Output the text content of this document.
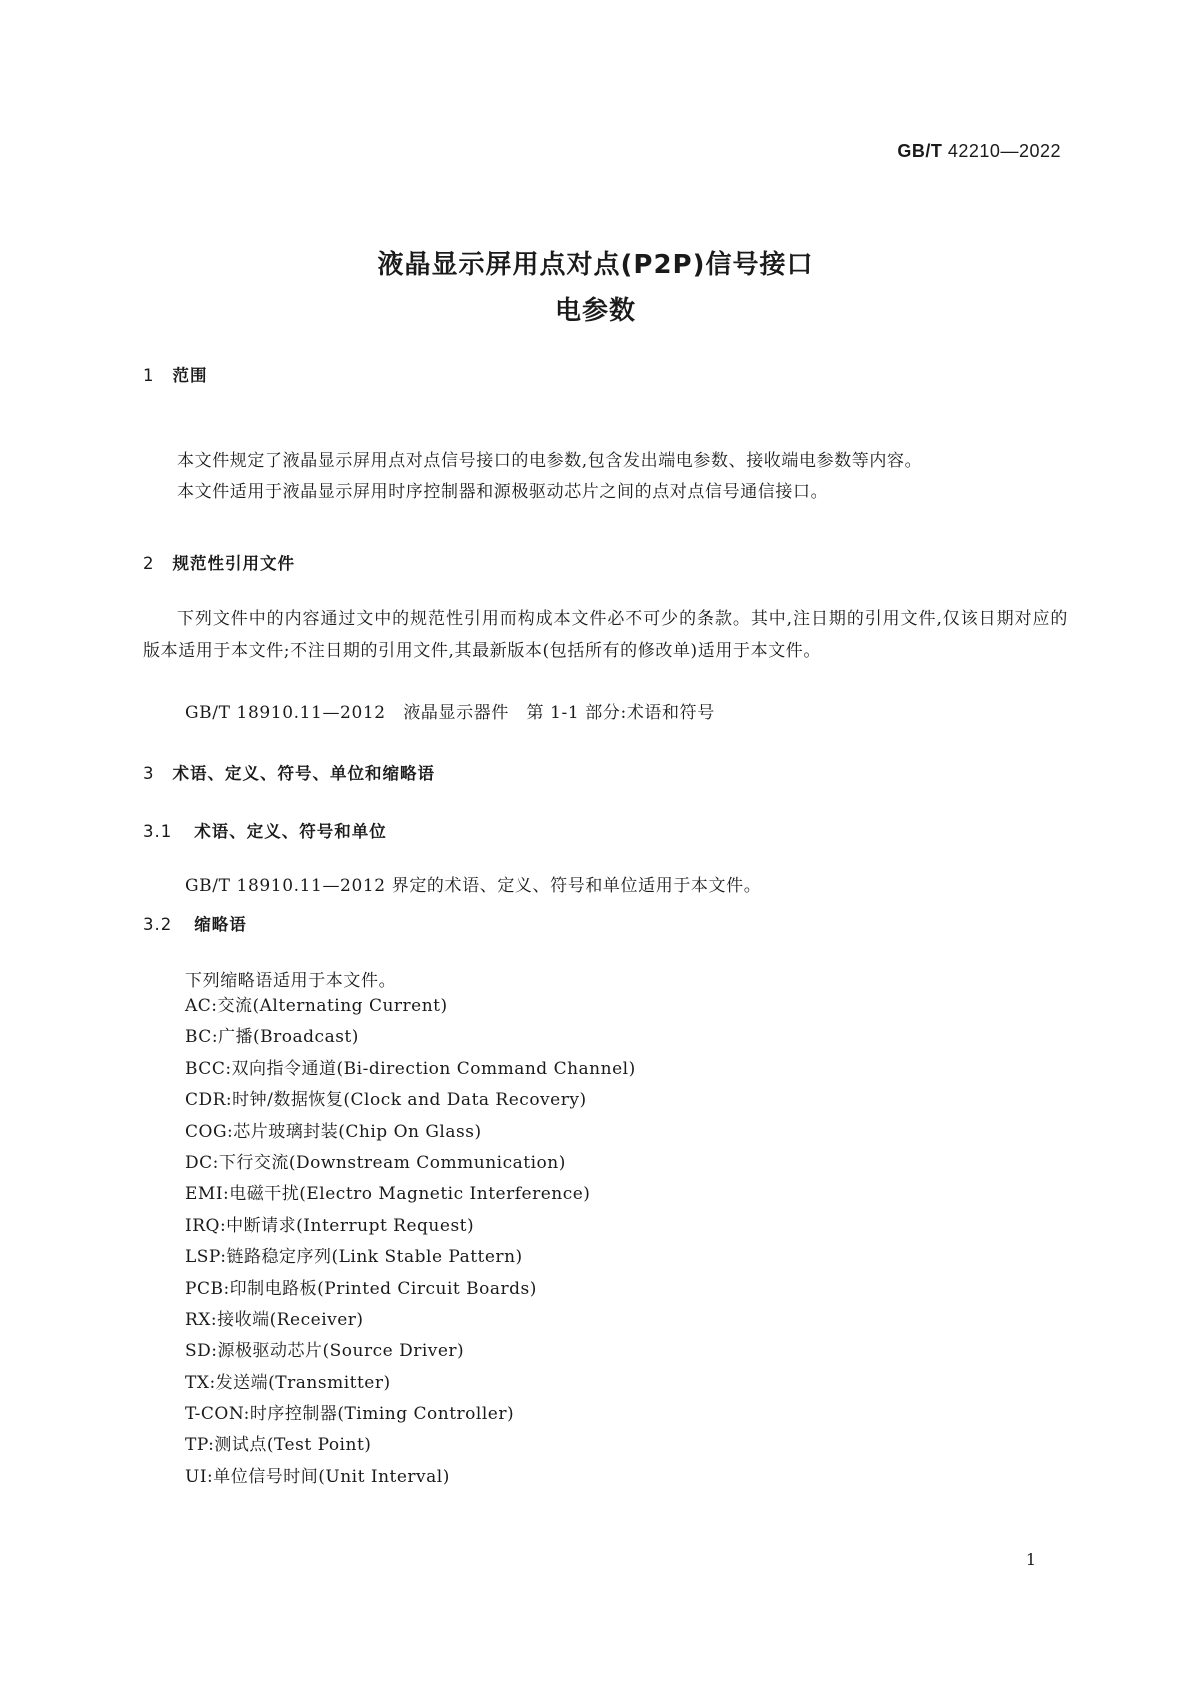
GB/T 42210—2022
液晶显示屏用点对点(P2P)信号接口
电参数
1 范围
本文件规定了液晶显示屏用点对点信号接口的电参数,包含发出端电参数、接收端电参数等内容。
本文件适用于液晶显示屏用时序控制器和源极驱动芯片之间的点对点信号通信接口。
2 规范性引用文件
下列文件中的内容通过文中的规范性引用而构成本文件必不可少的条款。其中,注日期的引用文件,仅该日期对应的版本适用于本文件;不注日期的引用文件,其最新版本(包括所有的修改单)适用于本文件。
GB/T 18910.11—2012　液晶显示器件　第 1-1 部分:术语和符号
3 术语、定义、符号、单位和缩略语
3.1 术语、定义、符号和单位
GB/T 18910.11—2012 界定的术语、定义、符号和单位适用于本文件。
3.2 缩略语
下列缩略语适用于本文件。
AC:交流(Alternating Current)
BC:广播(Broadcast)
BCC:双向指令通道(Bi-direction Command Channel)
CDR:时钟/数据恢复(Clock and Data Recovery)
COG:芯片玻璃封装(Chip On Glass)
DC:下行交流(Downstream Communication)
EMI:电磁干扰(Electro Magnetic Interference)
IRQ:中断请求(Interrupt Request)
LSP:链路稳定序列(Link Stable Pattern)
PCB:印制电路板(Printed Circuit Boards)
RX:接收端(Receiver)
SD:源极驱动芯片(Source Driver)
TX:发送端(Transmitter)
T-CON:时序控制器(Timing Controller)
TP:测试点(Test Point)
UI:单位信号时间(Unit Interval)
1
